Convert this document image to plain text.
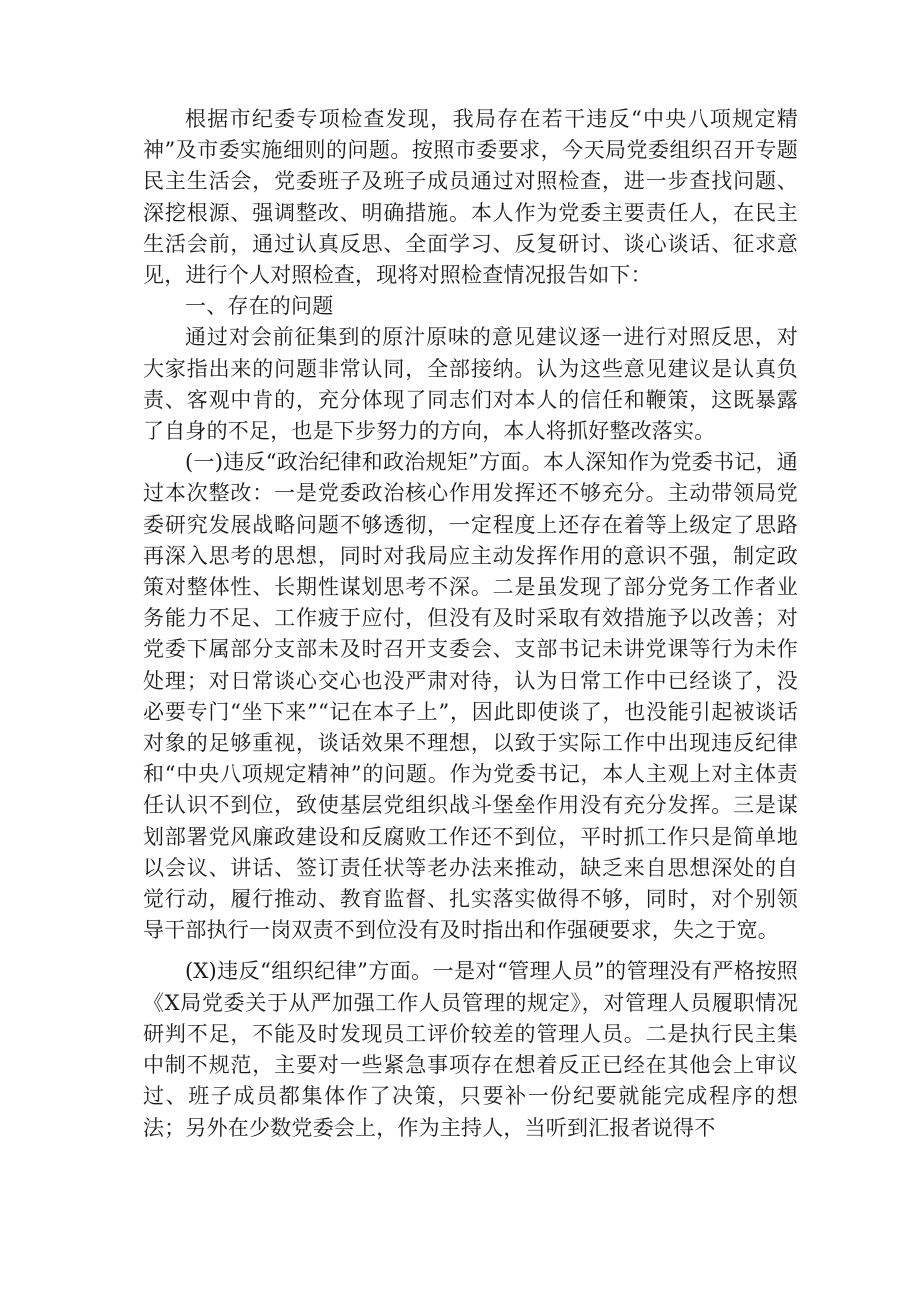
根据市纪委专项检查发现，我局存在若干违反“中央八项规定精神”及市委实施细则的问题。按照市委要求，今天局党委组织召开专题民主生活会，党委班子及班子成员通过对照检查，进一步查找问题、深挖根源、强调整改、明确措施。本人作为党委主要责任人，在民主生活会前，通过认真反思、全面学习、反复研讨、谈心谈话、征求意见，进行个人对照检查，现将对照检查情况报告如下：

一、存在的问题

通过对会前征集到的原汁原味的意见建议逐一进行对照反思，对大家指出来的问题非常认同，全部接纳。认为这些意见建议是认真负责、客观中肯的，充分体现了同志们对本人的信任和鞭策，这既暴露了自身的不足，也是下步努力的方向，本人将抓好整改落实。

(一)违反“政治纪律和政治规矩”方面。本人深知作为党委书记，通过本次整改：一是党委政治核心作用发挥还不够充分。主动带领局党委研究发展战略问题不够透彻，一定程度上还存在着等上级定了思路再深入思考的思想，同时对我局应主动发挥作用的意识不强，制定政策对整体性、长期性谋划思考不深。二是虽发现了部分党务工作者业务能力不足、工作疲于应付，但没有及时采取有效措施予以改善；对党委下属部分支部未及时召开支委会、支部书记未讲党课等行为未作处理；对日常谈心交心也没严肃对待，认为日常工作中已经谈了，没必要专门“坐下来”“记在本子上”，因此即使谈了，也没能引起被谈话对象的足够重视，谈话效果不理想，以致于实际工作中出现违反纪律和“中央八项规定精神”的问题。作为党委书记，本人主观上对主体责任认识不到位，致使基层党组织战斗堡垒作用没有充分发挥。三是谋划部署党风廉政建设和反腐败工作还不到位，平时抓工作只是简单地以会议、讲话、签订责任状等老办法来推动，缺乏来自思想深处的自觉行动，履行推动、教育监督、扎实落实做得不够，同时，对个别领导干部执行一岗双责不到位没有及时指出和作强硬要求，失之于宽。

(X)违反“组织纪律”方面。一是对“管理人员”的管理没有严格按照《X局党委关于从严加强工作人员管理的规定》，对管理人员履职情况研判不足，不能及时发现员工评价较差的管理人员。二是执行民主集中制不规范，主要对一些紧急事项存在想着反正已经在其他会上审议过、班子成员都集体作了决策，只要补一份纪要就能完成程序的想法；另外在少数党委会上，作为主持人，当听到汇报者说得不
